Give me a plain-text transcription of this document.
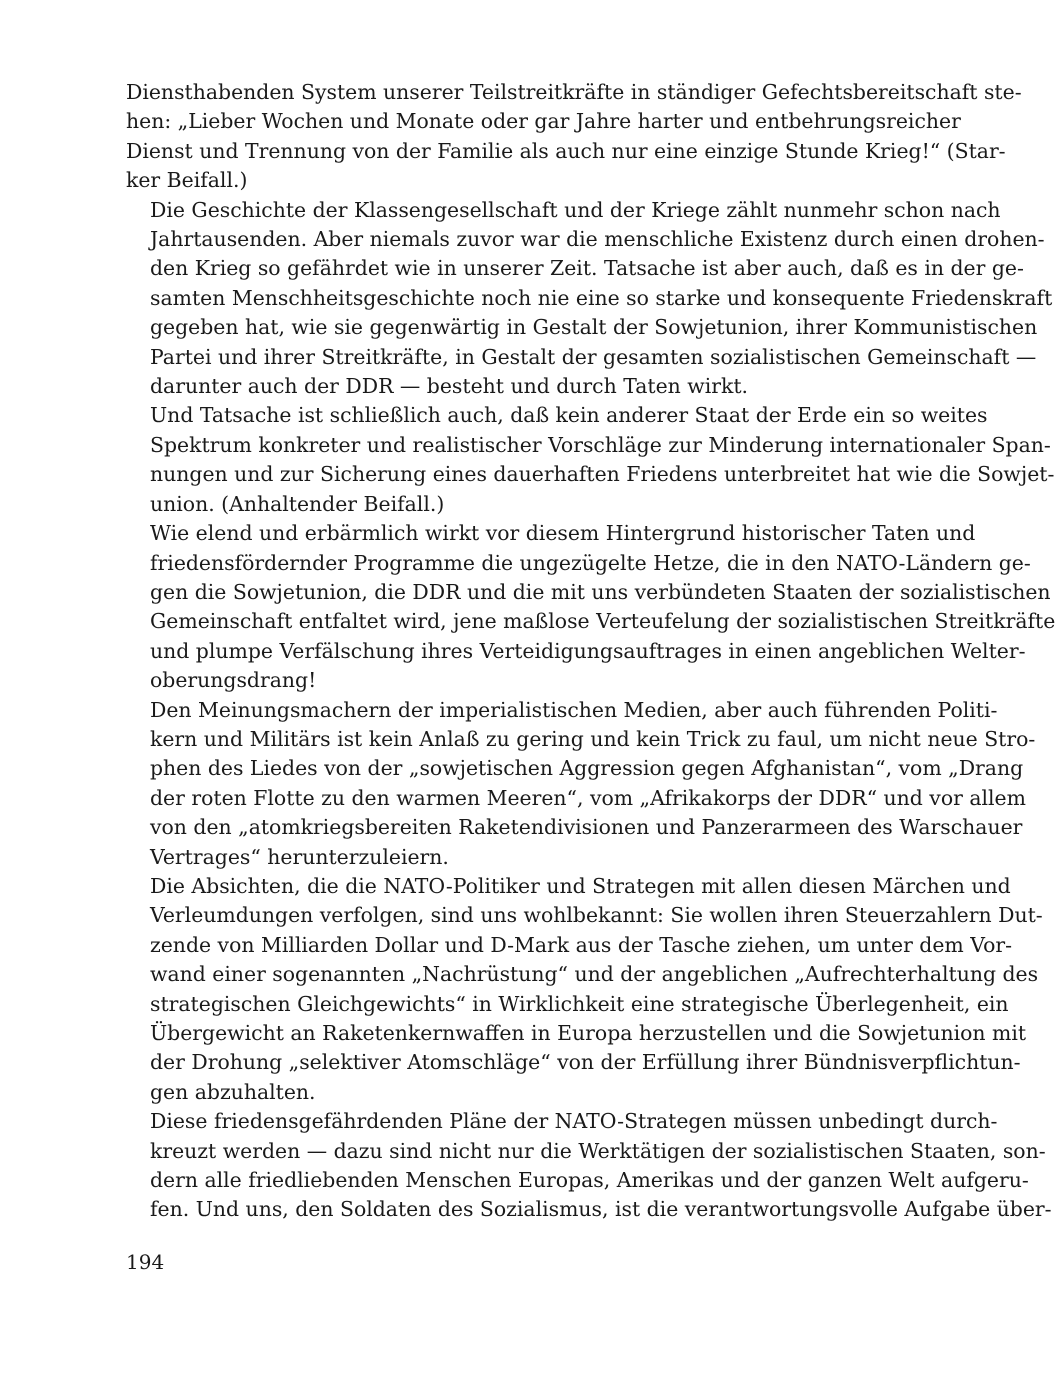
Diensthabenden System unserer Teilstreitkräfte in ständiger Gefechtsbereitschaft ste-
hen: „Lieber Wochen und Monate oder gar Jahre harter und entbehrungsreicher
Dienst und Trennung von der Familie als auch nur eine einzige Stunde Krieg!“ (Star-
ker Beifall.)

Die Geschichte der Klassengesellschaft und der Kriege zählt nunmehr schon nach
Jahrtausenden. Aber niemals zuvor war die menschliche Existenz durch einen drohen-
den Krieg so gefährdet wie in unserer Zeit. Tatsache ist aber auch, daß es in der ge-
samten Menschheitsgeschichte noch nie eine so starke und konsequente Friedenskraft
gegeben hat, wie sie gegenwärtig in Gestalt der Sowjetunion, ihrer Kommunistischen
Partei und ihrer Streitkräfte, in Gestalt der gesamten sozialistischen Gemeinschaft —
darunter auch der DDR — besteht und durch Taten wirkt.

Und Tatsache ist schließlich auch, daß kein anderer Staat der Erde ein so weites
Spektrum konkreter und realistischer Vorschläge zur Minderung internationaler Span-
nungen und zur Sicherung eines dauerhaften Friedens unterbreitet hat wie die Sowjet-
union. (Anhaltender Beifall.)

Wie elend und erbärmlich wirkt vor diesem Hintergrund historischer Taten und
friedensfördernder Programme die ungezügelte Hetze, die in den NATO-Ländern ge-
gen die Sowjetunion, die DDR und die mit uns verbündeten Staaten der sozialistischen
Gemeinschaft entfaltet wird, jene maßlose Verteufelung der sozialistischen Streitkräfte
und plumpe Verfälschung ihres Verteidigungsauftrages in einen angeblichen Welter-
oberungsdrang!

Den Meinungsmachern der imperialistischen Medien, aber auch führenden Politi-
kern und Militärs ist kein Anlaß zu gering und kein Trick zu faul, um nicht neue Stro-
phen des Liedes von der „sowjetischen Aggression gegen Afghanistan“, vom „Drang
der roten Flotte zu den warmen Meeren“, vom „Afrikakorps der DDR“ und vor allem
von den „atomkriegsbereiten Raketendivisionen und Panzerarmeen des Warschauer
Vertrages“ herunterzuleiern.

Die Absichten, die die NATO-Politiker und Strategen mit allen diesen Märchen und
Verleumdungen verfolgen, sind uns wohlbekannt: Sie wollen ihren Steuerzahlern Dut-
zende von Milliarden Dollar und D-Mark aus der Tasche ziehen, um unter dem Vor-
wand einer sogenannten „Nachrüstung“ und der angeblichen „Aufrechterhaltung des
strategischen Gleichgewichts“ in Wirklichkeit eine strategische Überlegenheit, ein
Übergewicht an Raketenkernwaffen in Europa herzustellen und die Sowjetunion mit
der Drohung „selektiver Atomschläge“ von der Erfüllung ihrer Bündnisverpflichtun-
gen abzuhalten.

Diese friedensgefährdenden Pläne der NATO-Strategen müssen unbedingt durch-
kreuzt werden — dazu sind nicht nur die Werktätigen der sozialistischen Staaten, son-
dern alle friedliebenden Menschen Europas, Amerikas und der ganzen Welt aufgeru-
fen. Und uns, den Soldaten des Sozialismus, ist die verantwortungsvolle Aufgabe über-

194
